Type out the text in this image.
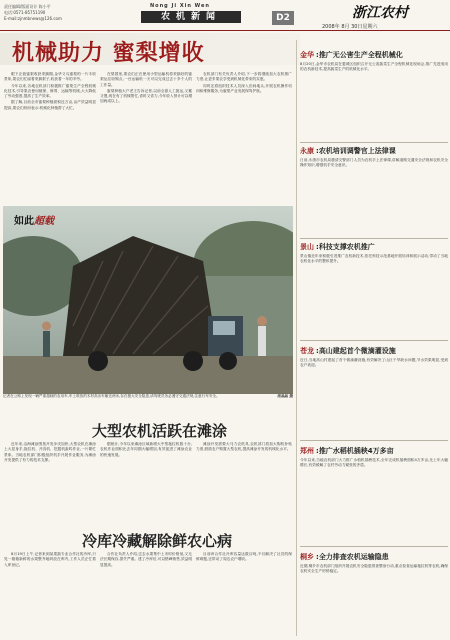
责任编辑/版面设计 陈小平
电话:0571-85751190
E-mail:zjnmbnews@126.com
Nong Ji Xin Wen
农机新闻	D2	浙江农村
2008年 8月 30日星期六
机械助力 蜜梨增收

眼下正值蜜梨收获采摘期,金华义乌蜜梨的一片丰收景象,果农们忙碌着采摘梨子,收获着一年的辛劳。

今年以来,各地农机部门积极推广蜜梨生产全程机械化技术,引导果农使用植保、修剪、运输等机械,大大降低了劳动强度,提高了生产效率。

据了解,目前全市蜜梨种植面积近万亩,亩产效益明显提高,果农们纷纷表示:机械化种植帮了大忙。

在梨园里,果农们正在使用小型运输机将采摘好的蜜梨运往收购点,一台运输机一天可以完成过去十多个人的工作量。

蜜梨种植大户老王告诉记者,以前全靠人工挑运,又累又慢,现在有了机械帮忙,省时又省力,今年收入预计可以增加两成以上。

农机部门有关负责人介绍,下一步将继续加大农机推广力度,让更多果农享受到机械化带来的实惠。

同时还将组织技术人员深入田间地头,开展农机操作培训和维修服务,为蜜梨产业发展保驾护航。

如此超载
记者在公路上发现一辆严重超载的农用车,车上堆放的木材高出车厢近两米,存在极大安全隐患,请驾驶员务必遵守交通法规,注意行车安全。	周晶晶 摄
大型农机活跃在滩涂

近年来,沿海滩涂围垦开发步伐加快,大型农机在滩涂上大显身手,拖拉机、开沟机、挖掘机轰鸣作业,一片繁忙景象。当地农机部门积极组织机手开展作业服务,为滩涂开发提供了有力的技术支撑。

据统计,今年以来滩涂区域新增大中型拖拉机数十台,农机作业面积比去年同期大幅增加,有效促进了滩涂农业的快速发展。

滩涂开发需要大马力农机具,农机部门将加大购机补贴力度,鼓励农户购置大型农机,提高滩涂开发的机械化水平。

冷库冷藏解除鲜农心病

8月19日上午,记者来到某果蔬专业合作社的冷库,只见一箱箱新鲜的水果整齐地码放在库内,工作人员正忙着入库登记。

合作社负责人介绍,过去水果集中上市时价格低,又无法长期保存,损失严重。建了冷库后,可以错峰销售,效益明显提高。

目前该合作社冷库容量达数百吨,不仅解决了社员的保鲜难题,还带动了周边农户增收。

金华 :推广无公害生产全程机械化
8月20日,金华市农机局在婺城区组织召开无公害蔬菜生产全程机械化现场会,推广先进适用的农机新技术,提高蔬菜生产的机械化水平。
永康 :农机培训调警官上法律课
日前,永康市农机局邀请交警部门人员为农机手上法律课,讲解道路交通安全法规和农机安全操作知识,增强机手安全意识。
景山 :科技支撑农机推广
景山镇近年来积极引进推广农机新技术,依托科技示范基地开展培训和展示活动,带动了当地农机化水平的整体提升。
苍龙 :高山建起首个微滴灌设施
近日,当地高山村建起了首个微滴灌设施,有效解决了山区干旱缺水问题,节水效果明显,受到农户欢迎。
郑州 :推广水稻机插秧4万多亩
今年以来,当地农机部门大力推广水稻机插秧技术,全年完成机插秧面积4万多亩,比上年大幅增长,有效缓解了农村劳动力紧张的矛盾。
桐乡 :全力排查农机运输隐患
近期,桐乡市农机部门组织开展农机安全隐患排查整治行动,重点检查运输拖拉机等农机,确保农机安全生产形势稳定。
